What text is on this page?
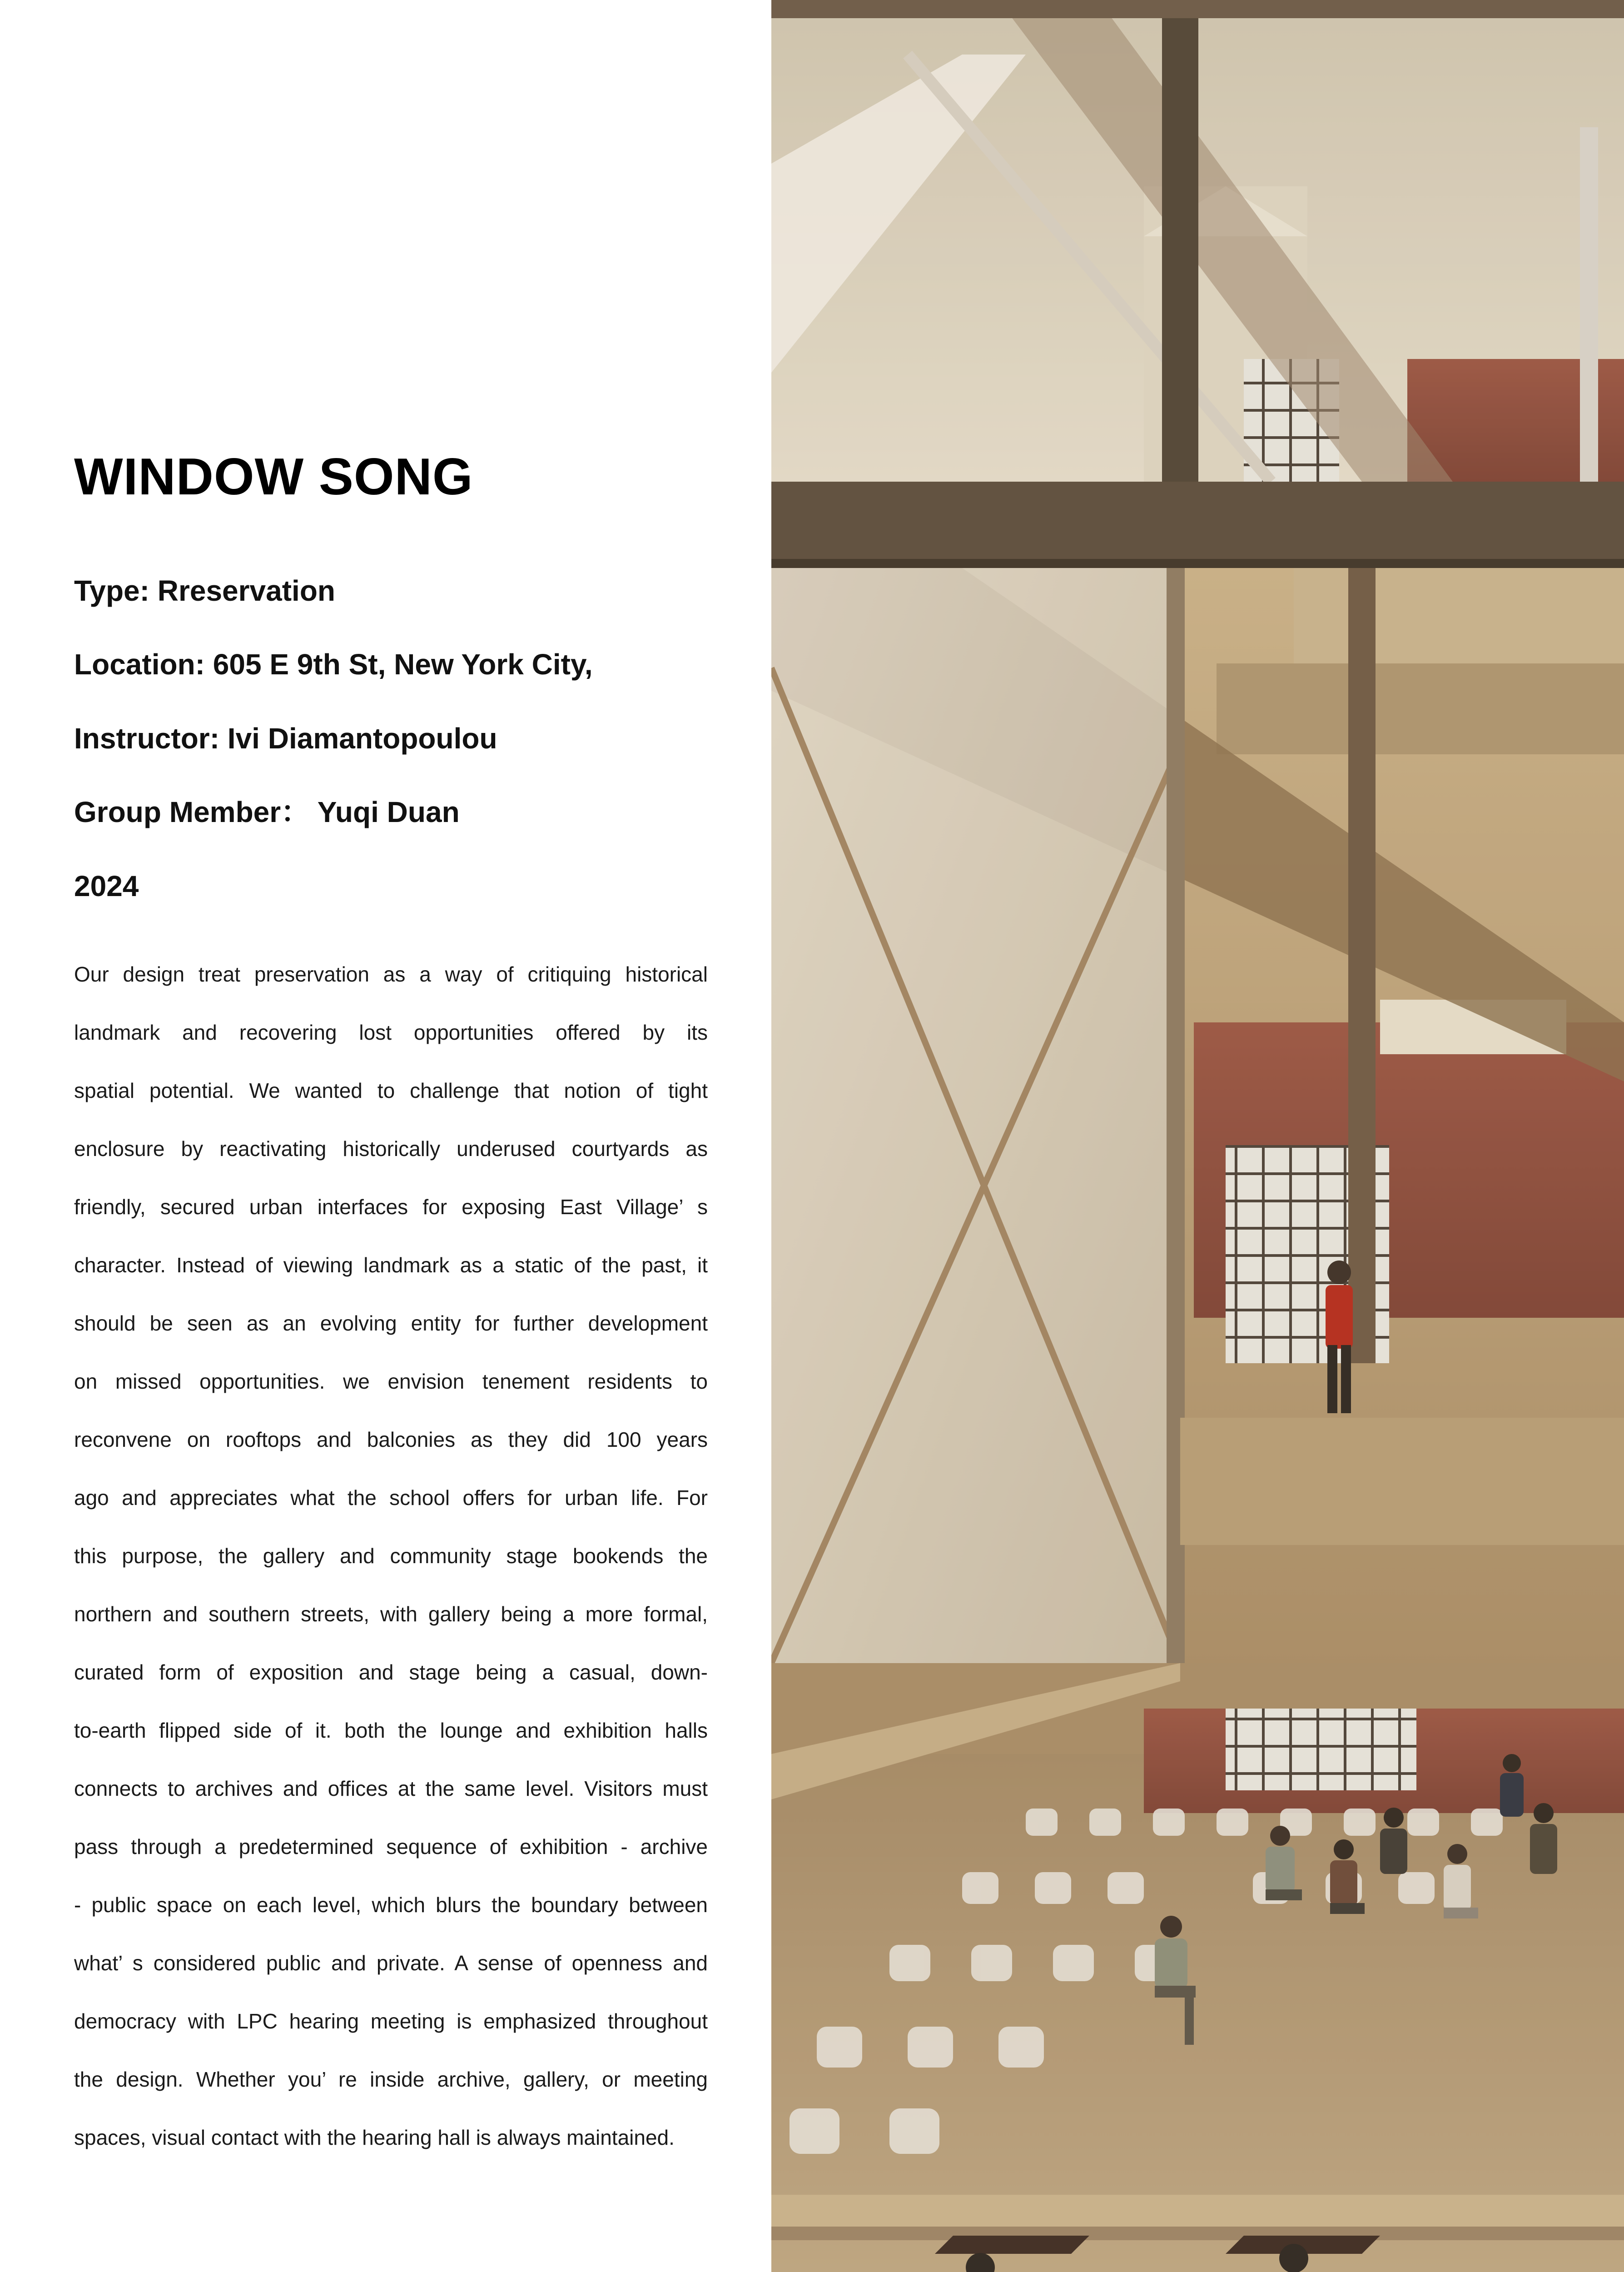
WINDOW SONG

Type: Rreservation

Location: 605 E 9th St, New York City,

Instructor: Ivi Diamantopoulou

Group Member： Yuqi Duan

2024

Our design treat preservation as a way of critiquing historical
landmark and recovering lost opportunities offered by its
spatial potential. We wanted to challenge that notion of tight
enclosure by reactivating historically underused courtyards as
friendly, secured urban interfaces for exposing East Village’ s
character. Instead of viewing landmark as a static of the past, it
should be seen as an evolving entity for further development
on missed opportunities. we envision tenement residents to
reconvene on rooftops and balconies as they did 100 years
ago and appreciates what the school offers for urban life. For
this purpose, the gallery and community stage bookends the
northern and southern streets, with gallery being a more formal,
curated form of exposition and stage being a casual, down-
to-earth flipped side of it. both the lounge and exhibition halls
connects to archives and offices at the same level. Visitors must
pass through a predetermined sequence of exhibition - archive
- public space on each level, which blurs the boundary between
what’ s considered public and private. A sense of openness and
democracy with LPC hearing meeting is emphasized throughout
the design. Whether you’ re inside archive, gallery, or meeting
spaces, visual contact with the hearing hall is always maintained.
